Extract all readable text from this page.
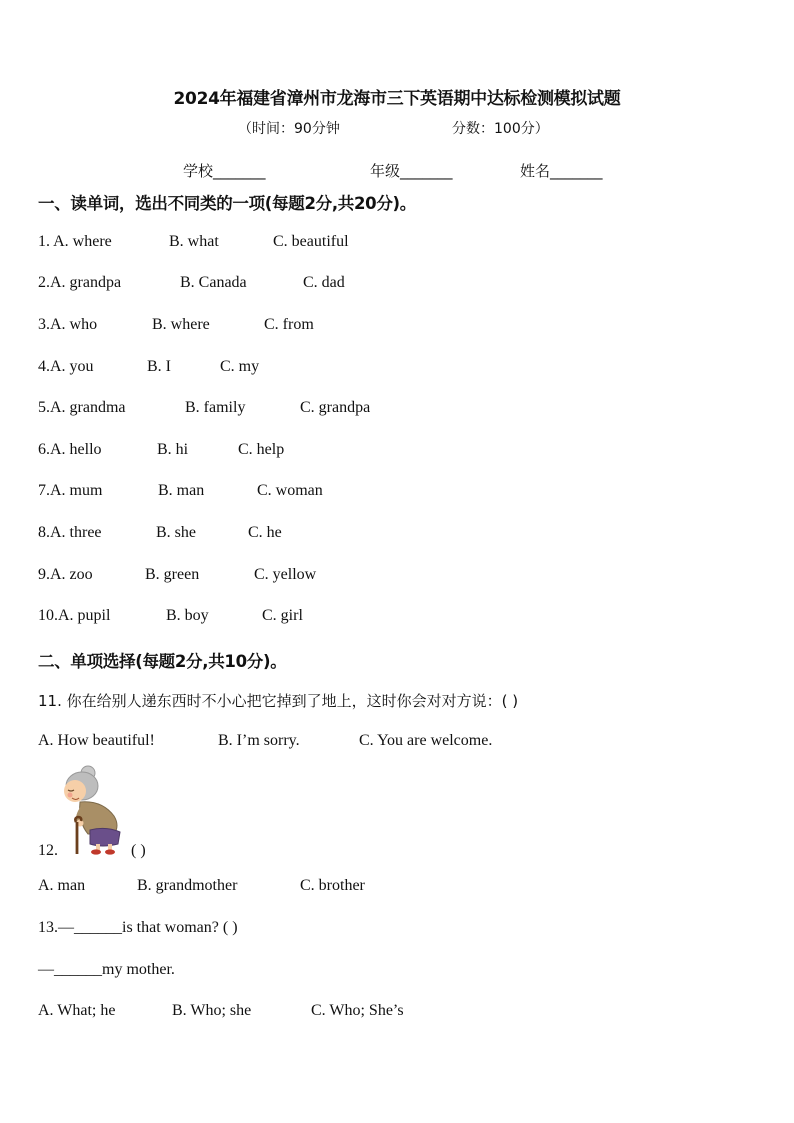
2024年福建省漳州市龙海市三下英语期中达标检测模拟试题
（时间：90分钟	分数：100分）
学校_______	年级_______	姓名_______
一、读单词，选出不同类的一项(每题2分,共20分)。
1. A. where	B. what	C. beautiful
2.A. grandpa	B. Canada	C. dad
3.A. who	B. where	C. from
4.A. you	B. I	C. my
5.A. grandma	B. family	C. grandpa
6.A. hello	B. hi	C. help
7.A. mum	B. man	C. woman
8.A. three	B. she	C. he
9.A. zoo	B. green	C. yellow
10.A. pupil	B. boy	C. girl
二、单项选择(每题2分,共10分)。
11. 你在给别人递东西时不小心把它掉到了地上，这时你会对对方说：( )
A. How beautiful!	B. I’m sorry.	C. You are welcome.
12.	( )
A. man	B. grandmother	C. brother
13.—______is that woman? ( )
—______my mother.
A. What; he	B. Who; she	C. Who; She’s
